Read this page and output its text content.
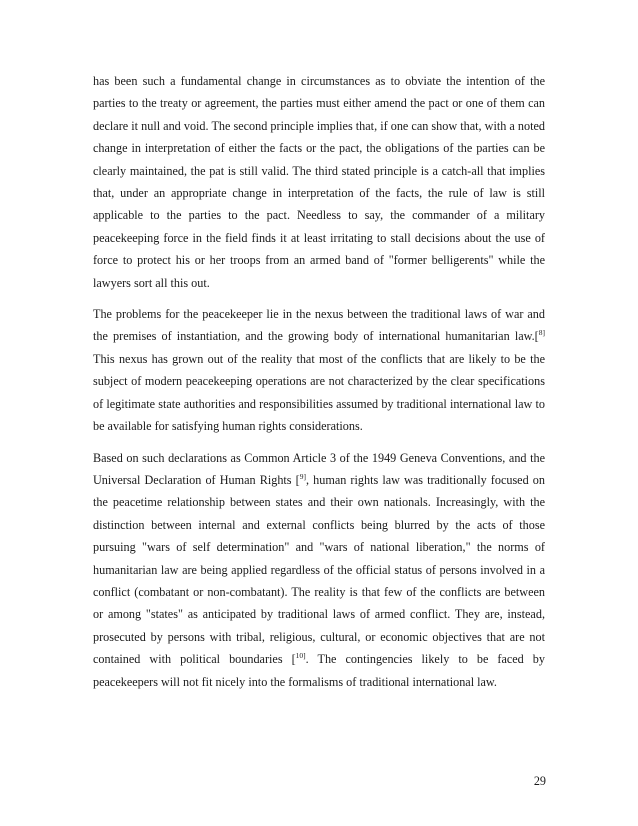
has been such a fundamental change in circumstances as to obviate the intention of the parties to the treaty or agreement, the parties must either amend the pact or one of them can declare it null and void. The second principle implies that, if one can show that, with a noted change in interpretation of either the facts or the pact, the obligations of the parties can be clearly maintained, the pat is still valid. The third stated principle is a catch-all that implies that, under an appropriate change in interpretation of the facts, the rule of law is still applicable to the parties to the pact. Needless to say, the commander of a military peacekeeping force in the field finds it at least irritating to stall decisions about the use of force to protect his or her troops from an armed band of "former belligerents" while the lawyers sort all this out.

The problems for the peacekeeper lie in the nexus between the traditional laws of war and the premises of instantiation, and the growing body of international humanitarian law.[$^{8]}$ This nexus has grown out of the reality that most of the conflicts that are likely to be the subject of modern peacekeeping operations are not characterized by the clear specifications of legitimate state authorities and responsibilities assumed by traditional international law to be available for satisfying human rights considerations.

Based on such declarations as Common Article 3 of the 1949 Geneva Conventions, and the Universal Declaration of Human Rights [$^{9]}$, human rights law was traditionally focused on the peacetime relationship between states and their own nationals. Increasingly, with the distinction between internal and external conflicts being blurred by the acts of those pursuing "wars of self determination" and "wars of national liberation," the norms of humanitarian law are being applied regardless of the official status of persons involved in a conflict (combatant or non-combatant). The reality is that few of the conflicts are between or among "states" as anticipated by traditional laws of armed conflict. They are, instead, prosecuted by persons with tribal, religious, cultural, or economic objectives that are not contained with political boundaries [$^{10]}$. The contingencies likely to be faced by peacekeepers will not fit nicely into the formalisms of traditional international law.

29
